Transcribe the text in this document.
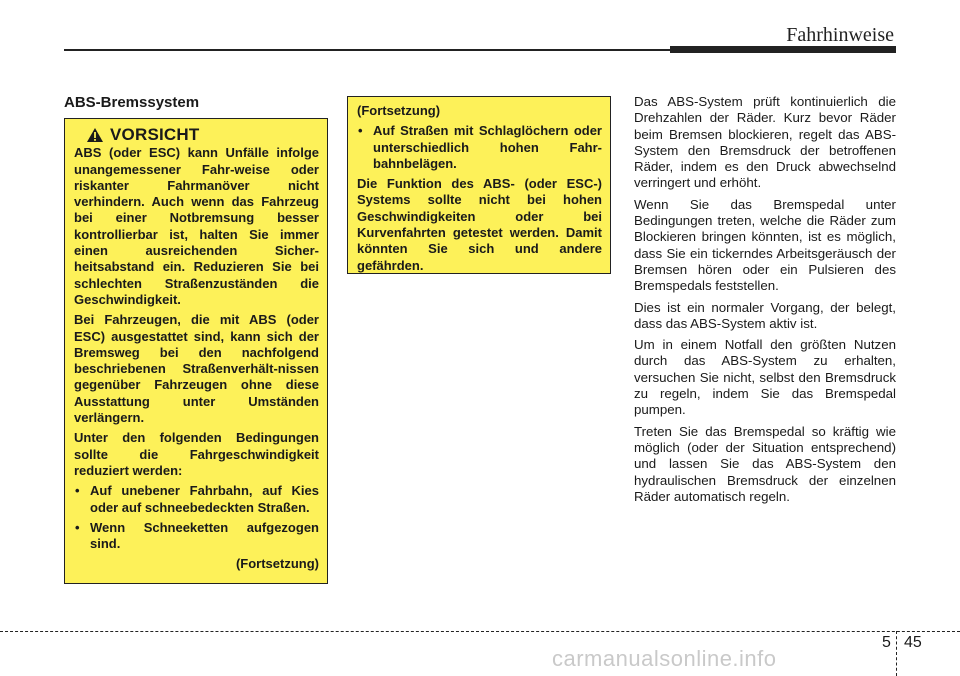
Fahrhinweise
ABS-Bremssystem
VORSICHT

ABS (oder ESC) kann Unfälle infolge unangemessener Fahr-weise oder riskanter Fahrmanöver nicht verhindern. Auch wenn das Fahrzeug bei einer Notbremsung besser kontrollierbar ist, halten Sie immer einen ausreichenden Sicher-heitsabstand ein. Reduzieren Sie bei schlechten Straßenzuständen die Geschwindigkeit.

Bei Fahrzeugen, die mit ABS (oder ESC) ausgestattet sind, kann sich der Bremsweg bei den nachfolgend beschriebenen Straßenverhält-nissen gegenüber Fahrzeugen ohne diese Ausstattung unter Umständen verlängern.

Unter den folgenden Bedingungen sollte die Fahrgeschwindigkeit reduziert werden:

• Auf unebener Fahrbahn, auf Kies oder auf schneebedeckten Straßen.
• Wenn Schneeketten aufgezogen sind.

(Fortsetzung)

(Fortsetzung)

• Auf Straßen mit Schlaglöchern oder unterschiedlich hohen Fahr-bahnbelägen.

Die Funktion des ABS- (oder ESC-) Systems sollte nicht bei hohen Geschwindigkeiten oder bei Kurvenfahrten getestet werden. Damit könnten Sie sich und andere gefährden.

Das ABS-System prüft kontinuierlich die Drehzahlen der Räder. Kurz bevor Räder beim Bremsen blockieren, regelt das ABS-System den Bremsdruck der betroffenen Räder, indem es den Druck abwechselnd verringert und erhöht.

Wenn Sie das Bremspedal unter Bedingungen treten, welche die Räder zum Blockieren bringen könnten, ist es möglich, dass Sie ein tickerndes Arbeitsgeräusch der Bremsen hören oder ein Pulsieren des Bremspedals feststellen.

Dies ist ein normaler Vorgang, der belegt, dass das ABS-System aktiv ist.

Um in einem Notfall den größten Nutzen durch das ABS-System zu erhalten, versuchen Sie nicht, selbst den Bremsdruck zu regeln, indem Sie das Bremspedal pumpen.

Treten Sie das Bremspedal so kräftig wie möglich (oder der Situation entsprechend) und lassen Sie das ABS-System den hydraulischen Bremsdruck der einzelnen Räder automatisch regeln.

5 45
carmanualsonline.info
